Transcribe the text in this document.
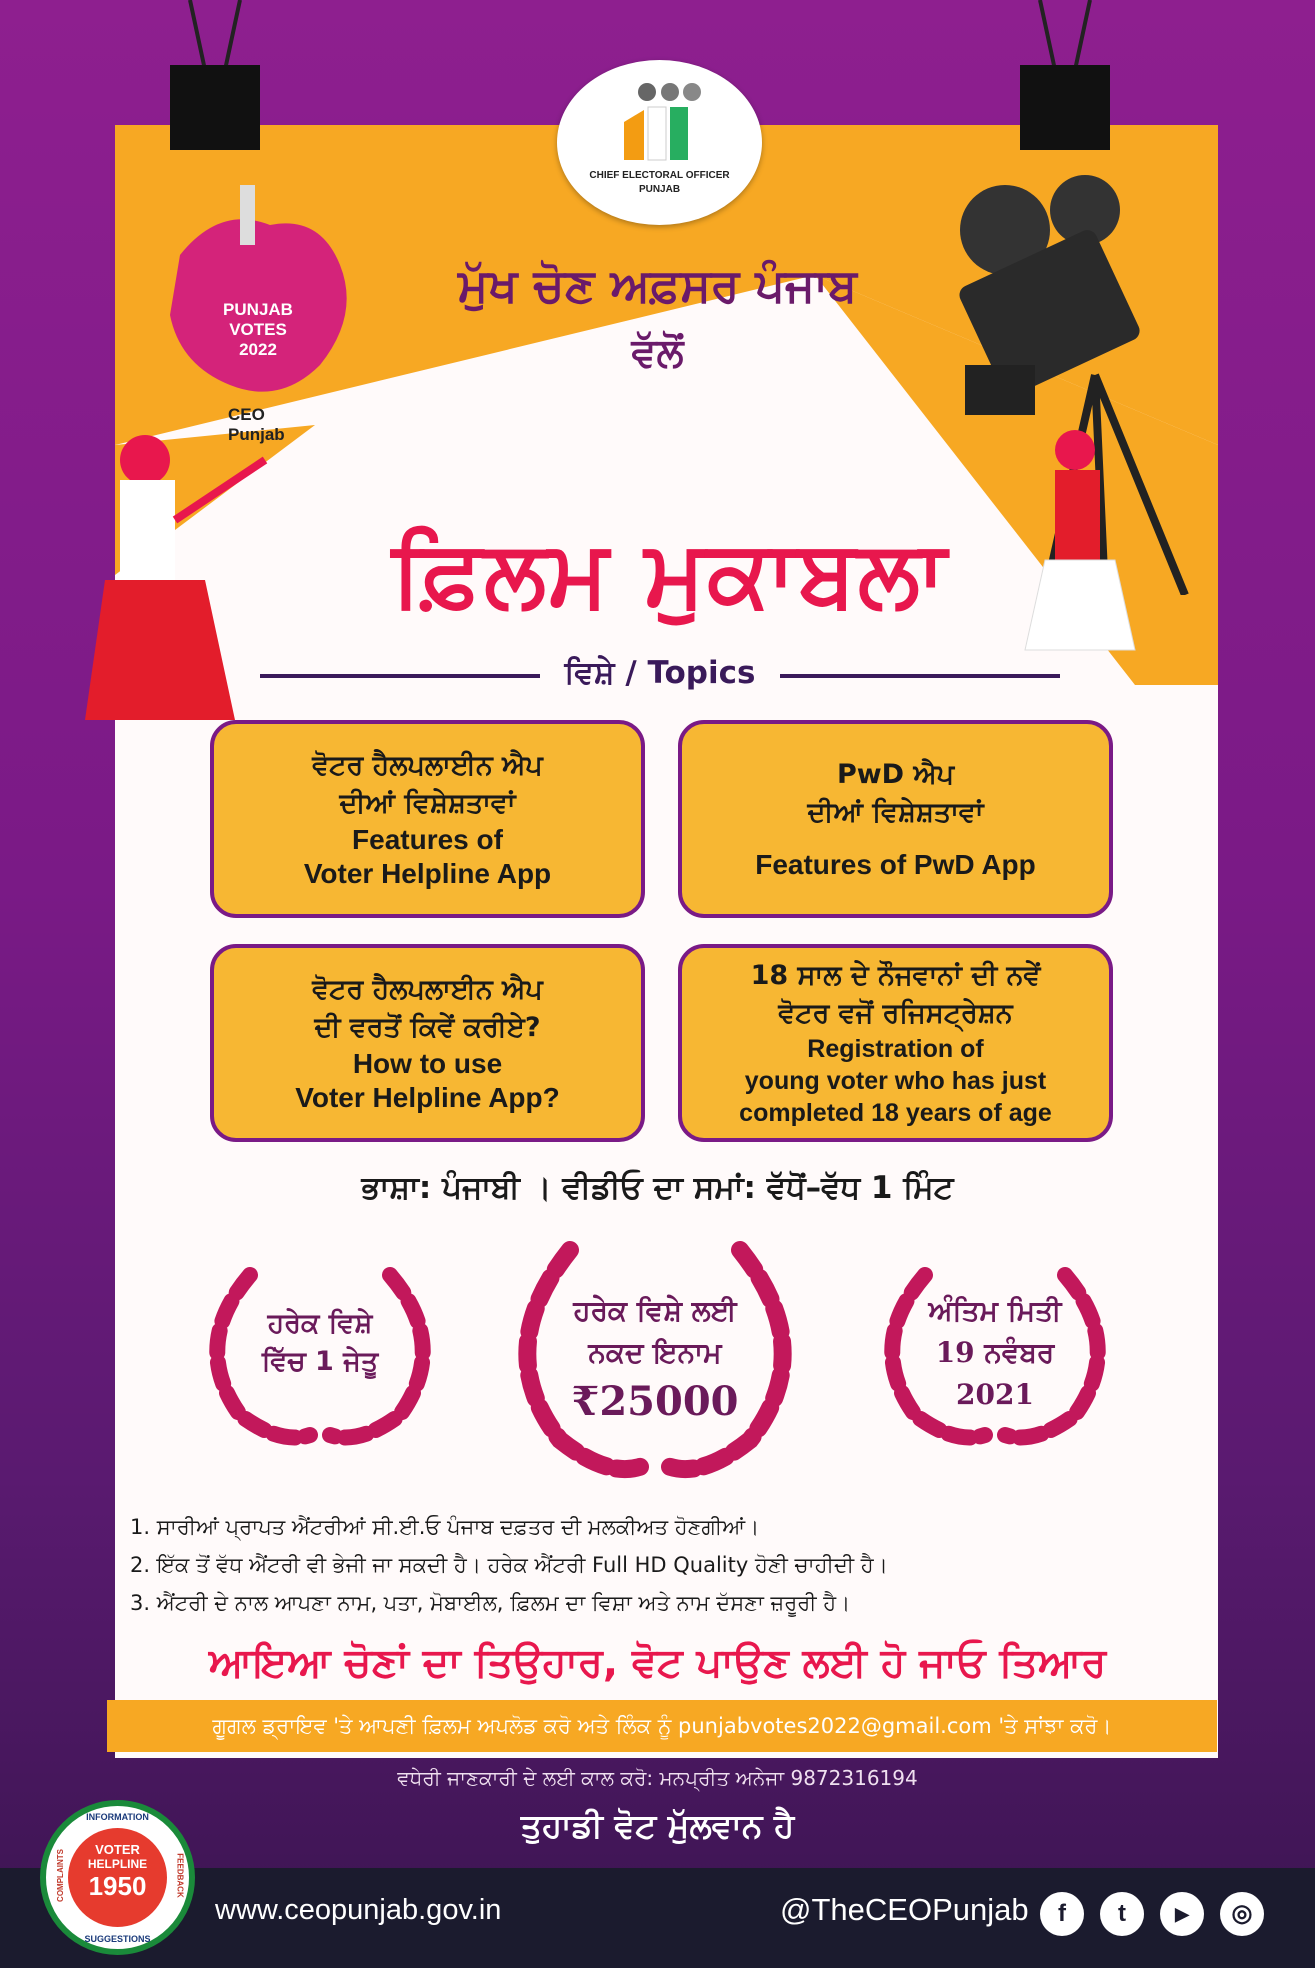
CHIEF ELECTORAL OFFICER
PUNJAB
ਮੁੱਖ ਚੋਣ ਅਫ਼ਸਰ ਪੰਜਾਬ
ਵੱਲੋਂ
PUNJAB
VOTES
2022
CEO
Punjab
ਫ਼ਿਲਮ ਮੁਕਾਬਲਾ
ਵਿਸ਼ੇ / Topics
ਵੋਟਰ ਹੈਲਪਲਾਈਨ ਐਪ
ਦੀਆਂ ਵਿਸ਼ੇਸ਼ਤਾਵਾਂ
Features of
Voter Helpline App
PwD ਐਪ
ਦੀਆਂ ਵਿਸ਼ੇਸ਼ਤਾਵਾਂ
Features of PwD App
ਵੋਟਰ ਹੈਲਪਲਾਈਨ ਐਪ
ਦੀ ਵਰਤੋਂ ਕਿਵੇਂ ਕਰੀਏ?
How to use
Voter Helpline App?
18 ਸਾਲ ਦੇ ਨੌਜਵਾਨਾਂ ਦੀ ਨਵੇਂ
ਵੋਟਰ ਵਜੋਂ ਰਜਿਸਟ੍ਰੇਸ਼ਨ
Registration of
young voter who has just
completed 18 years of age
ਭਾਸ਼ਾ: ਪੰਜਾਬੀ । ਵੀਡੀਓ ਦਾ ਸਮਾਂ: ਵੱਧੋਂ–ਵੱਧ 1 ਮਿੰਟ
ਹਰੇਕ ਵਿਸ਼ੇ
ਵਿੱਚ 1 ਜੇਤੂ
ਹਰੇਕ ਵਿਸ਼ੇ ਲਈ
ਨਕਦ ਇਨਾਮ
₹25000
ਅੰਤਿਮ ਮਿਤੀ
19 ਨਵੰਬਰ
2021
1. ਸਾਰੀਆਂ ਪ੍ਰਾਪਤ ਐਂਟਰੀਆਂ ਸੀ.ਈ.ਓ ਪੰਜਾਬ ਦਫ਼ਤਰ ਦੀ ਮਲਕੀਅਤ ਹੋਣਗੀਆਂ।
2. ਇੱਕ ਤੋਂ ਵੱਧ ਐਂਟਰੀ ਵੀ ਭੇਜੀ ਜਾ ਸਕਦੀ ਹੈ। ਹਰੇਕ ਐਂਟਰੀ Full HD Quality ਹੋਣੀ ਚਾਹੀਦੀ ਹੈ।
3. ਐਂਟਰੀ ਦੇ ਨਾਲ ਆਪਣਾ ਨਾਮ, ਪਤਾ, ਮੋਬਾਈਲ, ਫ਼ਿਲਮ ਦਾ ਵਿਸ਼ਾ ਅਤੇ ਨਾਮ ਦੱਸਣਾ ਜ਼ਰੂਰੀ ਹੈ।
ਆਇਆ ਚੋਣਾਂ ਦਾ ਤਿਉਹਾਰ, ਵੋਟ ਪਾਉਣ ਲਈ ਹੋ ਜਾਓ ਤਿਆਰ
ਗੂਗਲ ਡ੍ਰਾਇਵ 'ਤੇ ਆਪਣੀ ਫ਼ਿਲਮ ਅਪਲੋਡ ਕਰੋ ਅਤੇ ਲਿੰਕ ਨੂੰ punjabvotes2022@gmail.com 'ਤੇ ਸਾਂਝਾ ਕਰੋ।
ਵਧੇਰੀ ਜਾਣਕਾਰੀ ਦੇ ਲਈ ਕਾਲ ਕਰੋ: ਮਨਪ੍ਰੀਤ ਅਨੇਜਾ 9872316194
ਤੁਹਾਡੀ ਵੋਟ ਮੁੱਲਵਾਨ ਹੈ
INFORMATION
SUGGESTIONS
COMPLAINTS	FEEDBACK
VOTER
HELPLINE
1950
www.ceopunjab.gov.in	@TheCEOPunjab	f	t	▶	◎
